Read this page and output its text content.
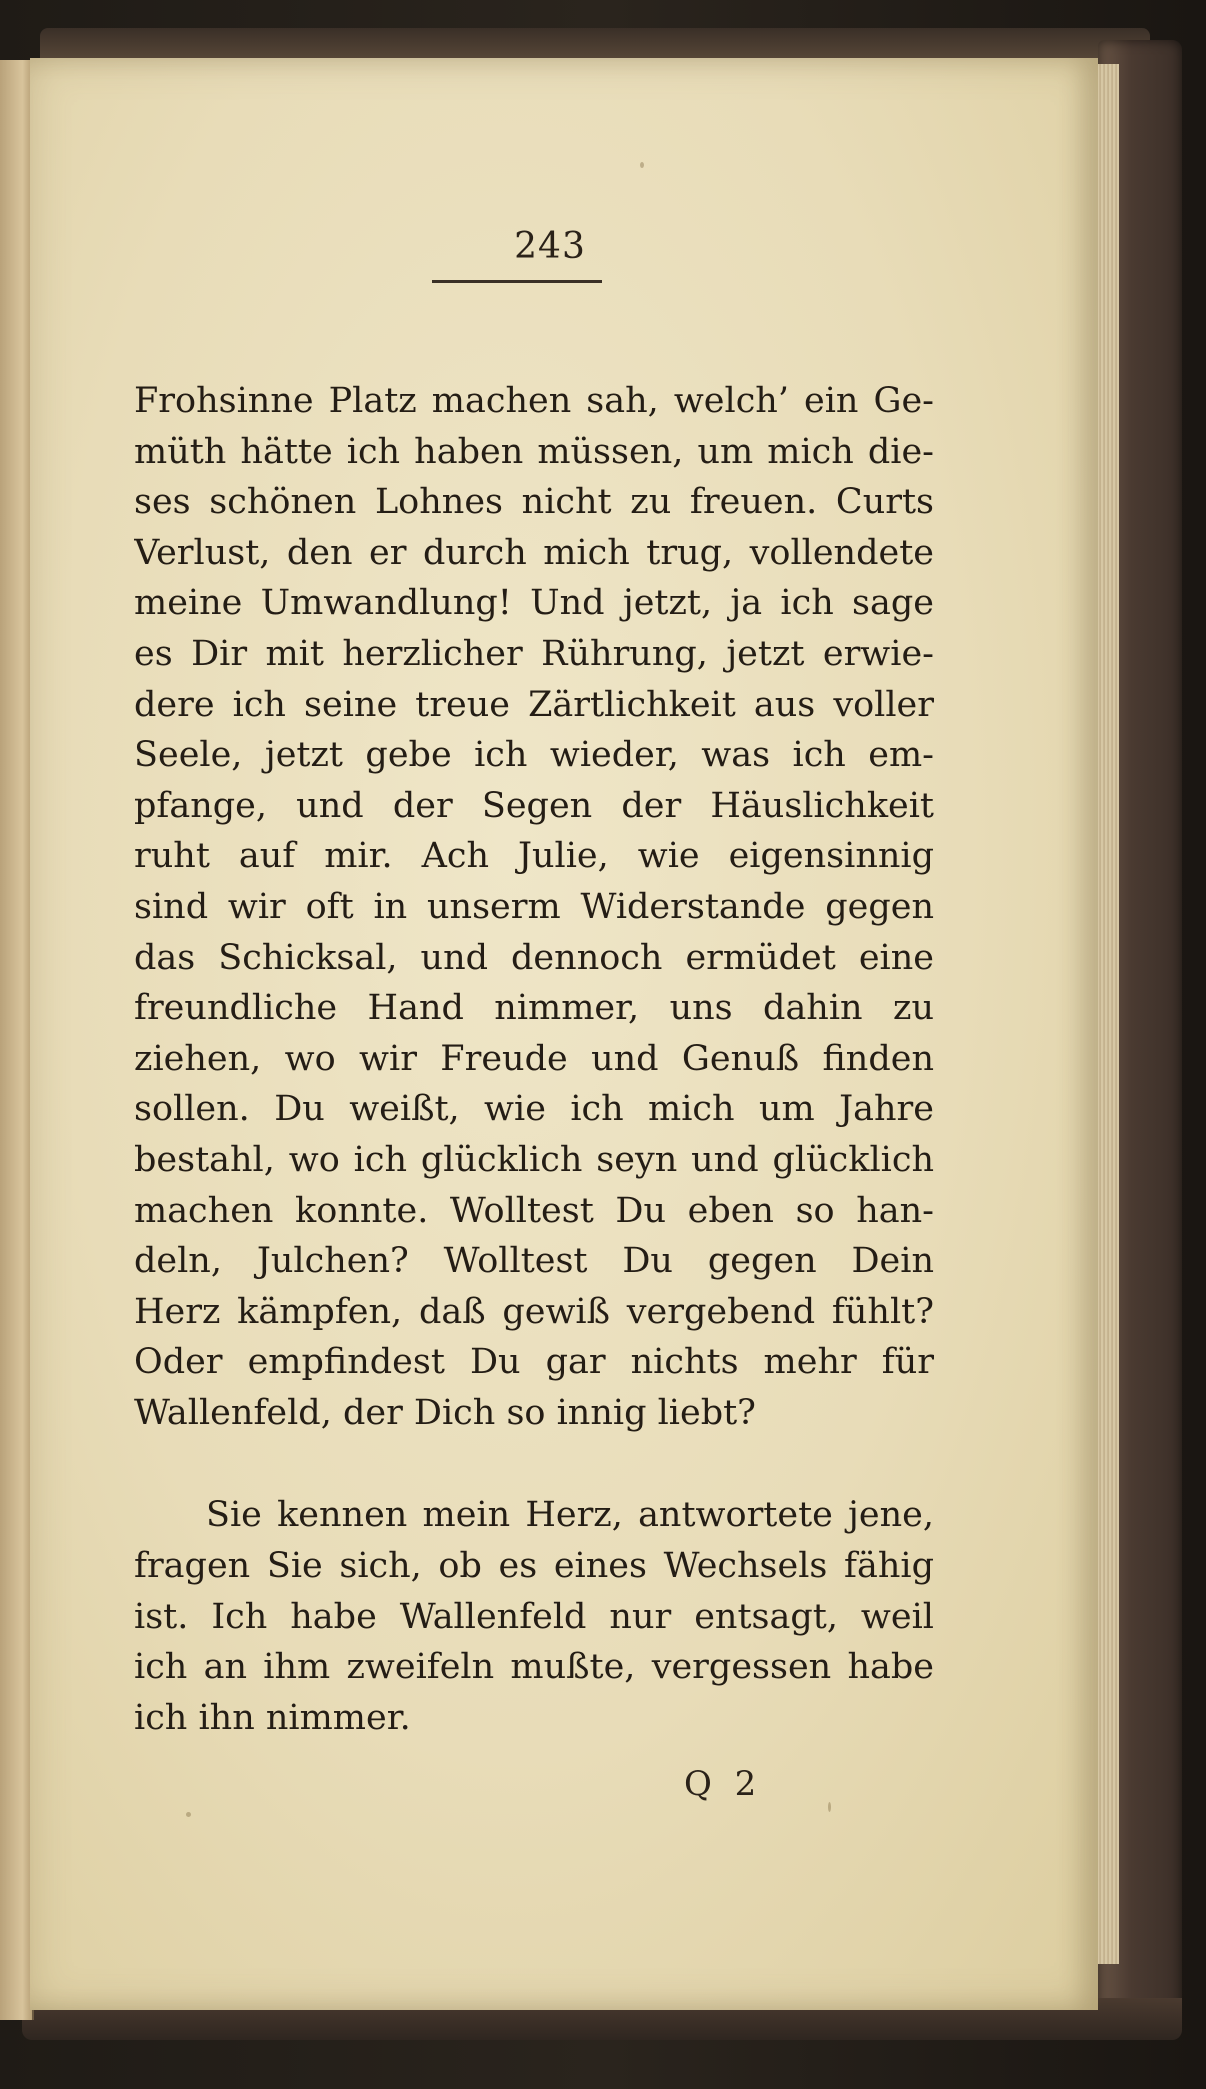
243
Frohsinne Platz machen sah, welch’ ein Ge-
müth hätte ich haben müssen, um mich die-
ses schönen Lohnes nicht zu freuen. Curts
Verlust, den er durch mich trug, vollendete
meine Umwandlung! Und jetzt, ja ich sage
es Dir mit herzlicher Rührung, jetzt erwie-
dere ich seine treue Zärtlichkeit aus voller
Seele, jetzt gebe ich wieder, was ich em-
pfange, und der Segen der Häuslichkeit
ruht auf mir. Ach Julie, wie eigensinnig
sind wir oft in unserm Widerstande gegen
das Schicksal, und dennoch ermüdet eine
freundliche Hand nimmer, uns dahin zu
ziehen, wo wir Freude und Genuß finden
sollen. Du weißt, wie ich mich um Jahre
bestahl, wo ich glücklich seyn und glücklich
machen konnte. Wolltest Du eben so han-
deln, Julchen? Wolltest Du gegen Dein
Herz kämpfen, daß gewiß vergebend fühlt?
Oder empfindest Du gar nichts mehr für
Wallenfeld, der Dich so innig liebt?
Sie kennen mein Herz, antwortete jene,
fragen Sie sich, ob es eines Wechsels fähig
ist. Ich habe Wallenfeld nur entsagt, weil
ich an ihm zweifeln mußte, vergessen habe
ich ihn nimmer.
Q 2
